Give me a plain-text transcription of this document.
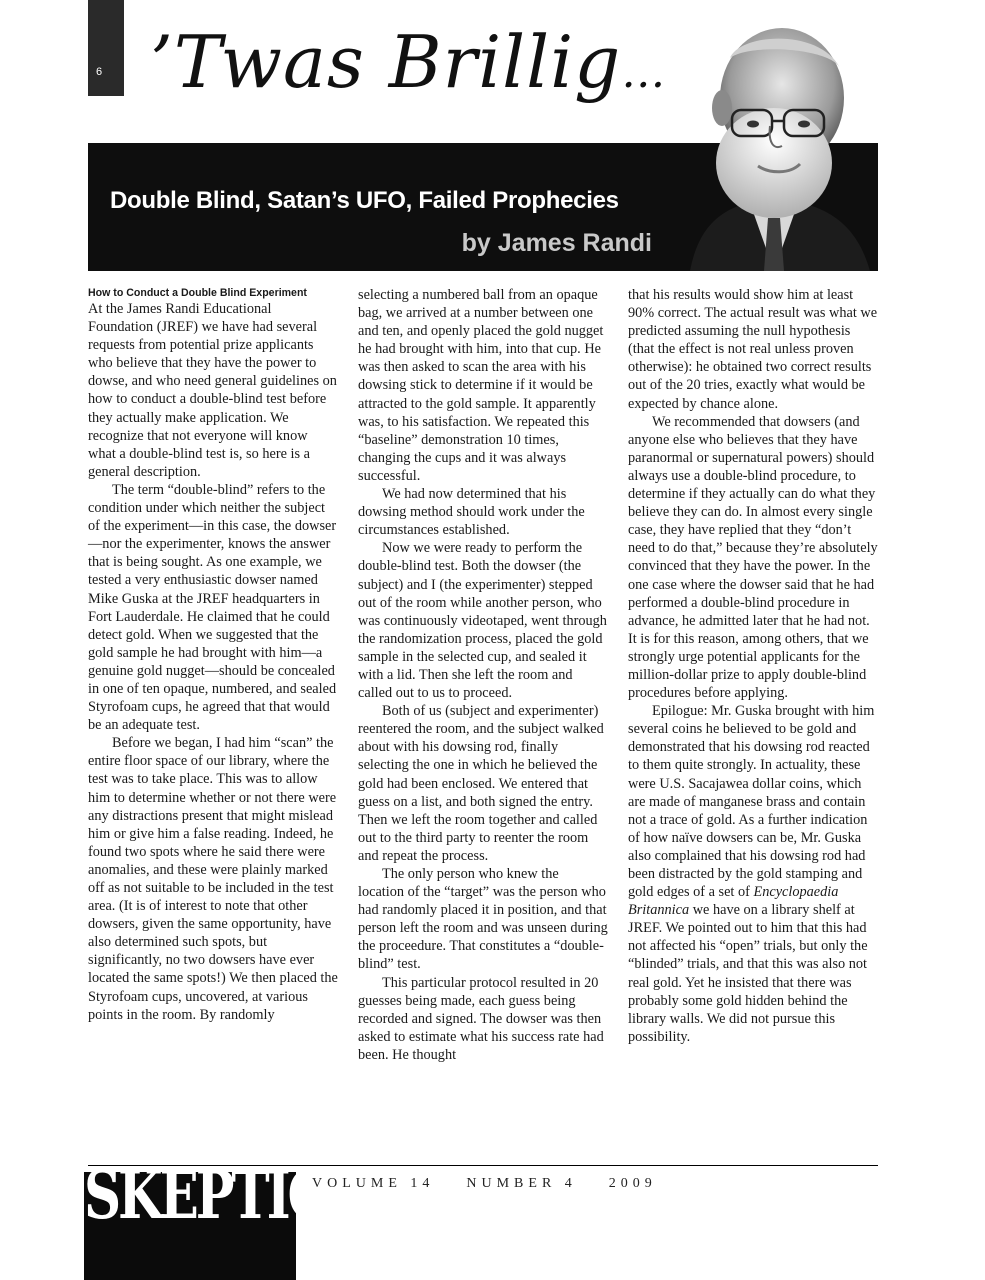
6 ’Twas Brillig…
Double Blind, Satan’s UFO, Failed Prophecies
by James Randi
How to Conduct a Double Blind Experiment

At the James Randi Educational Foundation (JREF) we have had several requests from potential prize applicants who believe that they have the power to dowse, and who need general guidelines on how to conduct a double-blind test before they actually make application. We recognize that not everyone will know what a double-blind test is, so here is a general description.

The term “double-blind” refers to the condition under which neither the subject of the experiment—in this case, the dowser—nor the experimenter, knows the answer that is being sought. As one example, we tested a very enthusiastic dowser named Mike Guska at the JREF headquarters in Fort Lauderdale. He claimed that he could detect gold. When we suggested that the gold sample he had brought with him—a genuine gold nugget—should be concealed in one of ten opaque, numbered, and sealed Styrofoam cups, he agreed that that would be an adequate test.

Before we began, I had him “scan” the entire floor space of our library, where the test was to take place. This was to allow him to determine whether or not there were any distractions present that might mislead him or give him a false reading. Indeed, he found two spots where he said there were anomalies, and these were plainly marked off as not suitable to be included in the test area. (It is of interest to note that other dowsers, given the same opportunity, have also determined such spots, but significantly, no two dowsers have ever located the same spots!) We then placed the Styrofoam cups, uncovered, at various points in the room. By randomly

selecting a numbered ball from an opaque bag, we arrived at a number between one and ten, and openly placed the gold nugget he had brought with him, into that cup. He was then asked to scan the area with his dowsing stick to determine if it would be attracted to the gold sample. It apparently was, to his satisfaction. We repeated this “baseline” demonstration 10 times, changing the cups and it was always successful.

We had now determined that his dowsing method should work under the circumstances established.

Now we were ready to perform the double-blind test. Both the dowser (the subject) and I (the experimenter) stepped out of the room while another person, who was continuously videotaped, went through the randomization process, placed the gold sample in the selected cup, and sealed it with a lid. Then she left the room and called out to us to proceed.

Both of us (subject and experimenter) reentered the room, and the subject walked about with his dowsing rod, finally selecting the one in which he believed the gold had been enclosed. We entered that guess on a list, and both signed the entry. Then we left the room together and called out to the third party to reenter the room and repeat the process.

The only person who knew the location of the “target” was the person who had randomly placed it in position, and that person left the room and was unseen during the proceedure. That constitutes a “double-blind” test.

This particular protocol resulted in 20 guesses being made, each guess being recorded and signed. The dowser was then asked to estimate what his success rate had been. He thought

that his results would show him at least 90% correct. The actual result was what we predicted assuming the null hypothesis (that the effect is not real unless proven otherwise): he obtained two correct results out of the 20 tries, exactly what would be expected by chance alone.

We recommended that dowsers (and anyone else who believes that they have paranormal or supernatural powers) should always use a double-blind procedure, to determine if they actually can do what they believe they can do. In almost every single case, they have replied that they “don’t need to do that,” because they’re absolutely convinced that they have the power. In the one case where the dowser said that he had performed a double-blind procedure in advance, he admitted later that he had not. It is for this reason, among others, that we strongly urge potential applicants for the million-dollar prize to apply double-blind procedures before applying.

Epilogue: Mr. Guska brought with him several coins he believed to be gold and demonstrated that his dowsing rod reacted to them quite strongly. In actuality, these were U.S. Sacajawea dollar coins, which are made of manganese brass and contain not a trace of gold. As a further indication of how naïve dowsers can be, Mr. Guska also complained that his dowsing rod had been distracted by the gold stamping and gold edges of a set of Encyclopaedia Britannica we have on a library shelf at JREF. We pointed out to him that this had not affected his “open” trials, but only the “blinded” trials, and that this was also not real gold. Yet he insisted that there was probably some gold hidden behind the library walls. We did not pursue this possibility.

SKEPTIC
VOLUME 14 NUMBER 4 2009
